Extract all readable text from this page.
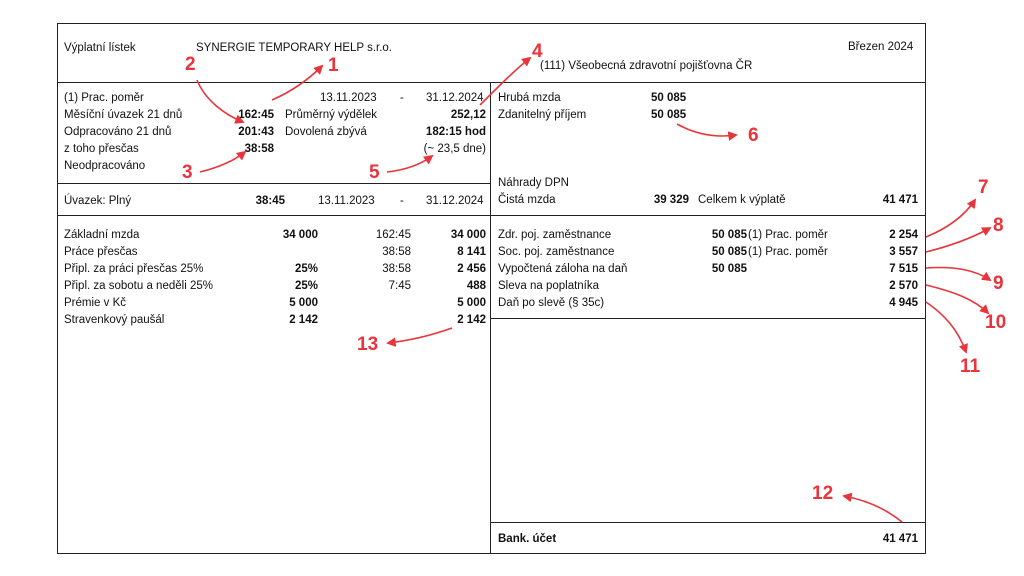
Výplatní lístek	SYNERGIE TEMPORARY HELP s.r.o.	Březen 2024
(111) Všeobecná zdravotní pojišťovna ČR
(1) Prac. poměr	13.11.2023 - 31.12.2024
Měsíční úvazek 21 dnů	162:45 Průměrný výdělek	252,12
Odpracováno 21 dnů	201:43 Dovolená zbývá	182:15 hod
z toho přesčas	38:58	(~ 23,5 dne)
Neodpracováno
Úvazek: Plný	38:45	13.11.2023 - 31.12.2024
Základní mzda	34 000	162:45	34 000
Práce přesčas	38:58	8 141
Připl. za práci přesčas 25%	25%	38:58	2 456
Připl. za sobotu a neděli 25%	25%	7:45	488
Prémie v Kč	5 000	5 000
Stravenkový paušál	2 142	2 142
Hrubá mzda	50 085
Zdanitelný příjem	50 085
Náhrady DPN
Čistá mzda	39 329 Celkem k výplatě	41 471
Zdr. poj. zaměstnance	50 085 (1) Prac. poměr	2 254
Soc. poj. zaměstnance	50 085 (1) Prac. poměr	3 557
Vypočtená záloha na daň	50 085	7 515
Sleva na poplatníka	2 570
Daň po slevě (§ 35c)	4 945
Bank. účet	41 471
1
2
3
4
5
6
7
8
9
10
11
12
13
